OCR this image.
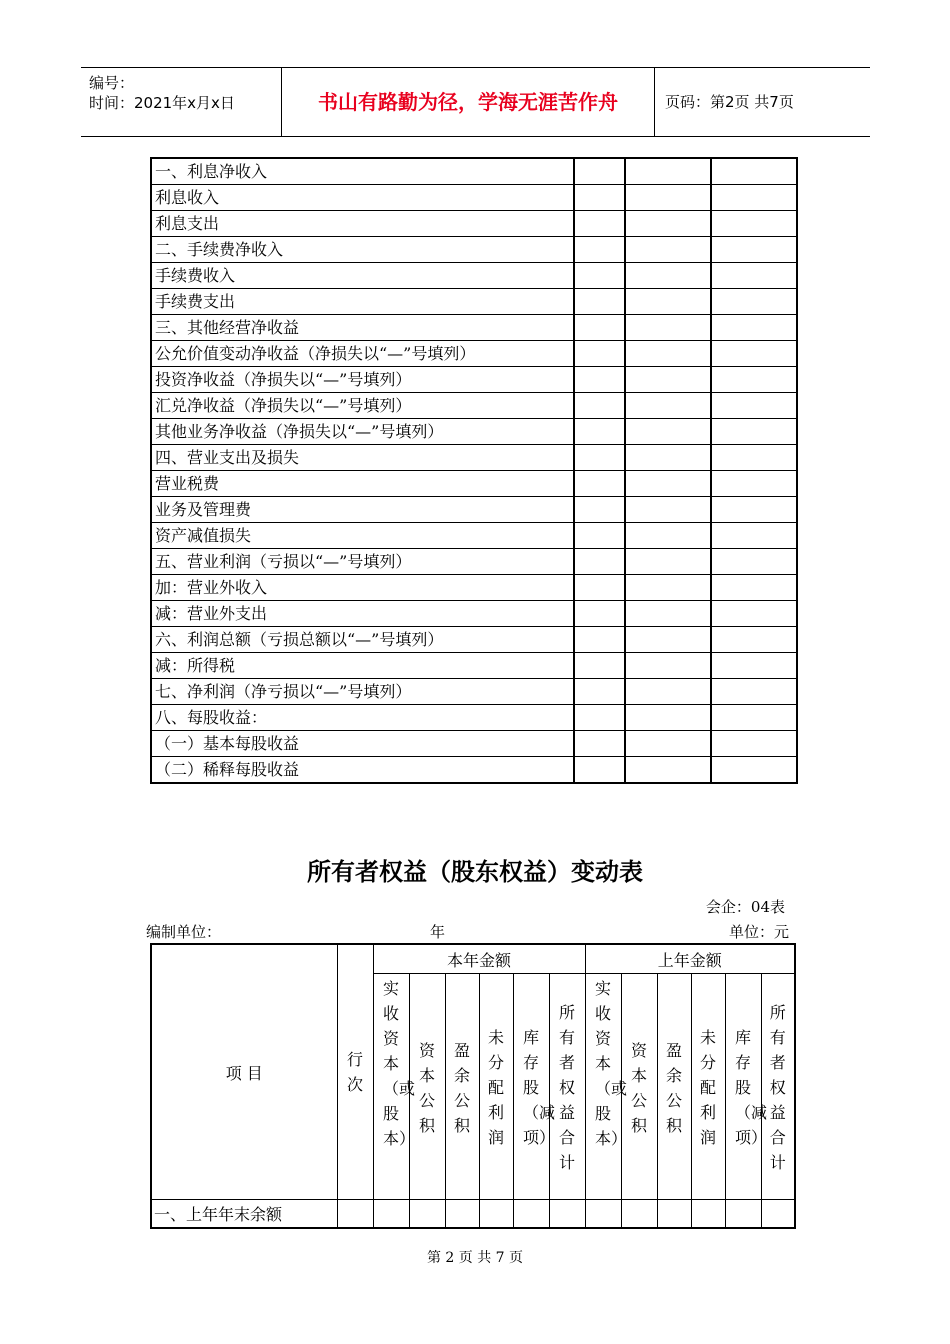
编号：
时间：2021年x月x日	书山有路勤为径，学海无涯苦作舟	页码：第2页 共7页
一、利息净收入			
利息收入			
利息支出			
二、手续费净收入			
手续费收入			
手续费支出			
三、其他经营净收益			
公允价值变动净收益（净损失以“—”号填列）			
投资净收益（净损失以“—”号填列）			
汇兑净收益（净损失以“—”号填列）			
其他业务净收益（净损失以“—”号填列）			
四、营业支出及损失			
营业税费			
业务及管理费			
资产减值损失			
五、营业利润（亏损以“—”号填列）			
加：营业外收入			
减：营业外支出			
六、利润总额（亏损总额以“—”号填列）			
减：所得税			
七、净利润（净亏损以“—”号填列）			
八、每股收益：			
（一）基本每股收益			
（二）稀释每股收益			
所有者权益（股东权益）变动表
会企：04表
编制单位：	年	单位：元
项 目	行次	本年金额						上年金额					
		实收资本（或股本）	资本公积	盈余公积	未分配利润	库存股（减项）	所有者权益合计	实收资本（或股本）	资本公积	盈余公积	未分配利润	库存股（减项）	所有者权益合计
一、上年年末余额													
第 2 页 共 7 页
